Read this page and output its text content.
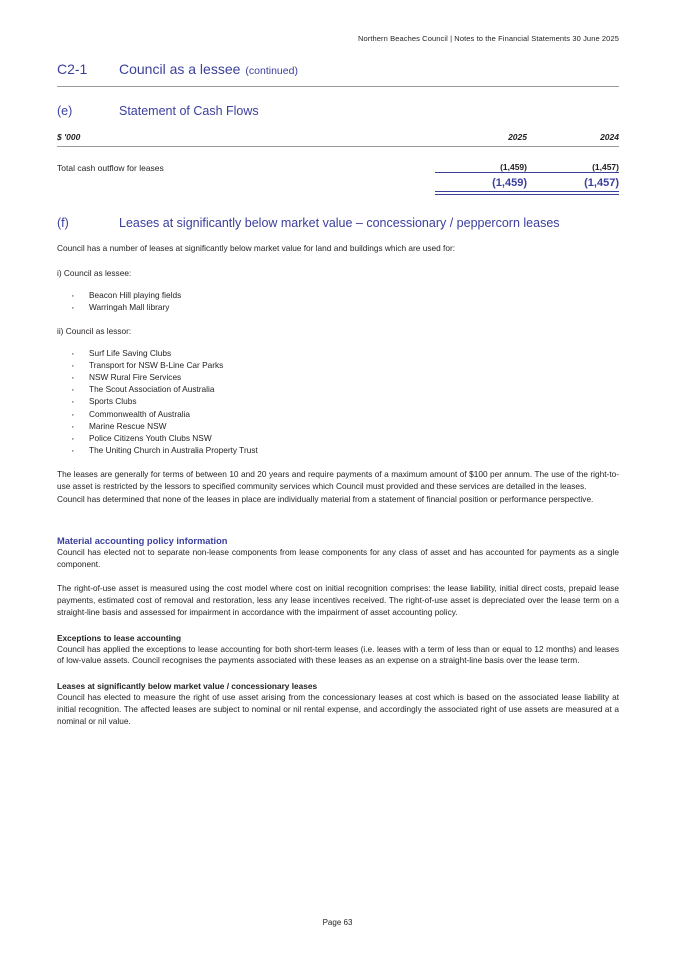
Northern Beaches Council | Notes to the Financial Statements 30 June 2025
C2-1	Council as a lessee (continued)
(e)	Statement of Cash Flows
$ '000	2025	2024

Total cash outflow for leases	(1,459)	(1,457)

	(1,459)	(1,457)

(f)	Leases at significantly below market value – concessionary / peppercorn leases

Council has a number of leases at significantly below market value for land and buildings which are used for:

i) Council as lessee:

· Beacon Hill playing fields
· Warringah Mall library

ii) Council as lessor:

· Surf Life Saving Clubs
· Transport for NSW B-Line Car Parks
· NSW Rural Fire Services
· The Scout Association of Australia
· Sports Clubs
· Commonwealth of Australia
· Marine Rescue NSW
· Police Citizens Youth Clubs NSW
· The Uniting Church in Australia Property Trust

The leases are generally for terms of between 10 and 20 years and require payments of a maximum amount of $100 per annum. The use of the right-to-use asset is restricted by the lessors to specified community services which Council must provided and these services are detailed in the leases.

Council has determined that none of the leases in place are individually material from a statement of financial position or performance perspective.

Material accounting policy information

Council has elected not to separate non-lease components from lease components for any class of asset and has accounted for payments as a single component.

The right-of-use asset is measured using the cost model where cost on initial recognition comprises: the lease liability, initial direct costs, prepaid lease payments, estimated cost of removal and restoration, less any lease incentives received. The right-of-use asset is depreciated over the lease term on a straight-line basis and assessed for impairment in accordance with the impairment of asset accounting policy.

Exceptions to lease accounting

Council has applied the exceptions to lease accounting for both short-term leases (i.e. leases with a term of less than or equal to 12 months) and leases of low-value assets. Council recognises the payments associated with these leases as an expense on a straight-line basis over the lease term.

Leases at significantly below market value / concessionary leases

Council has elected to measure the right of use asset arising from the concessionary leases at cost which is based on the associated lease liability at initial recognition. The affected leases are subject to nominal or nil rental expense, and accordingly the associated right of use assets are measured at a nominal or nil value.

Page 63
